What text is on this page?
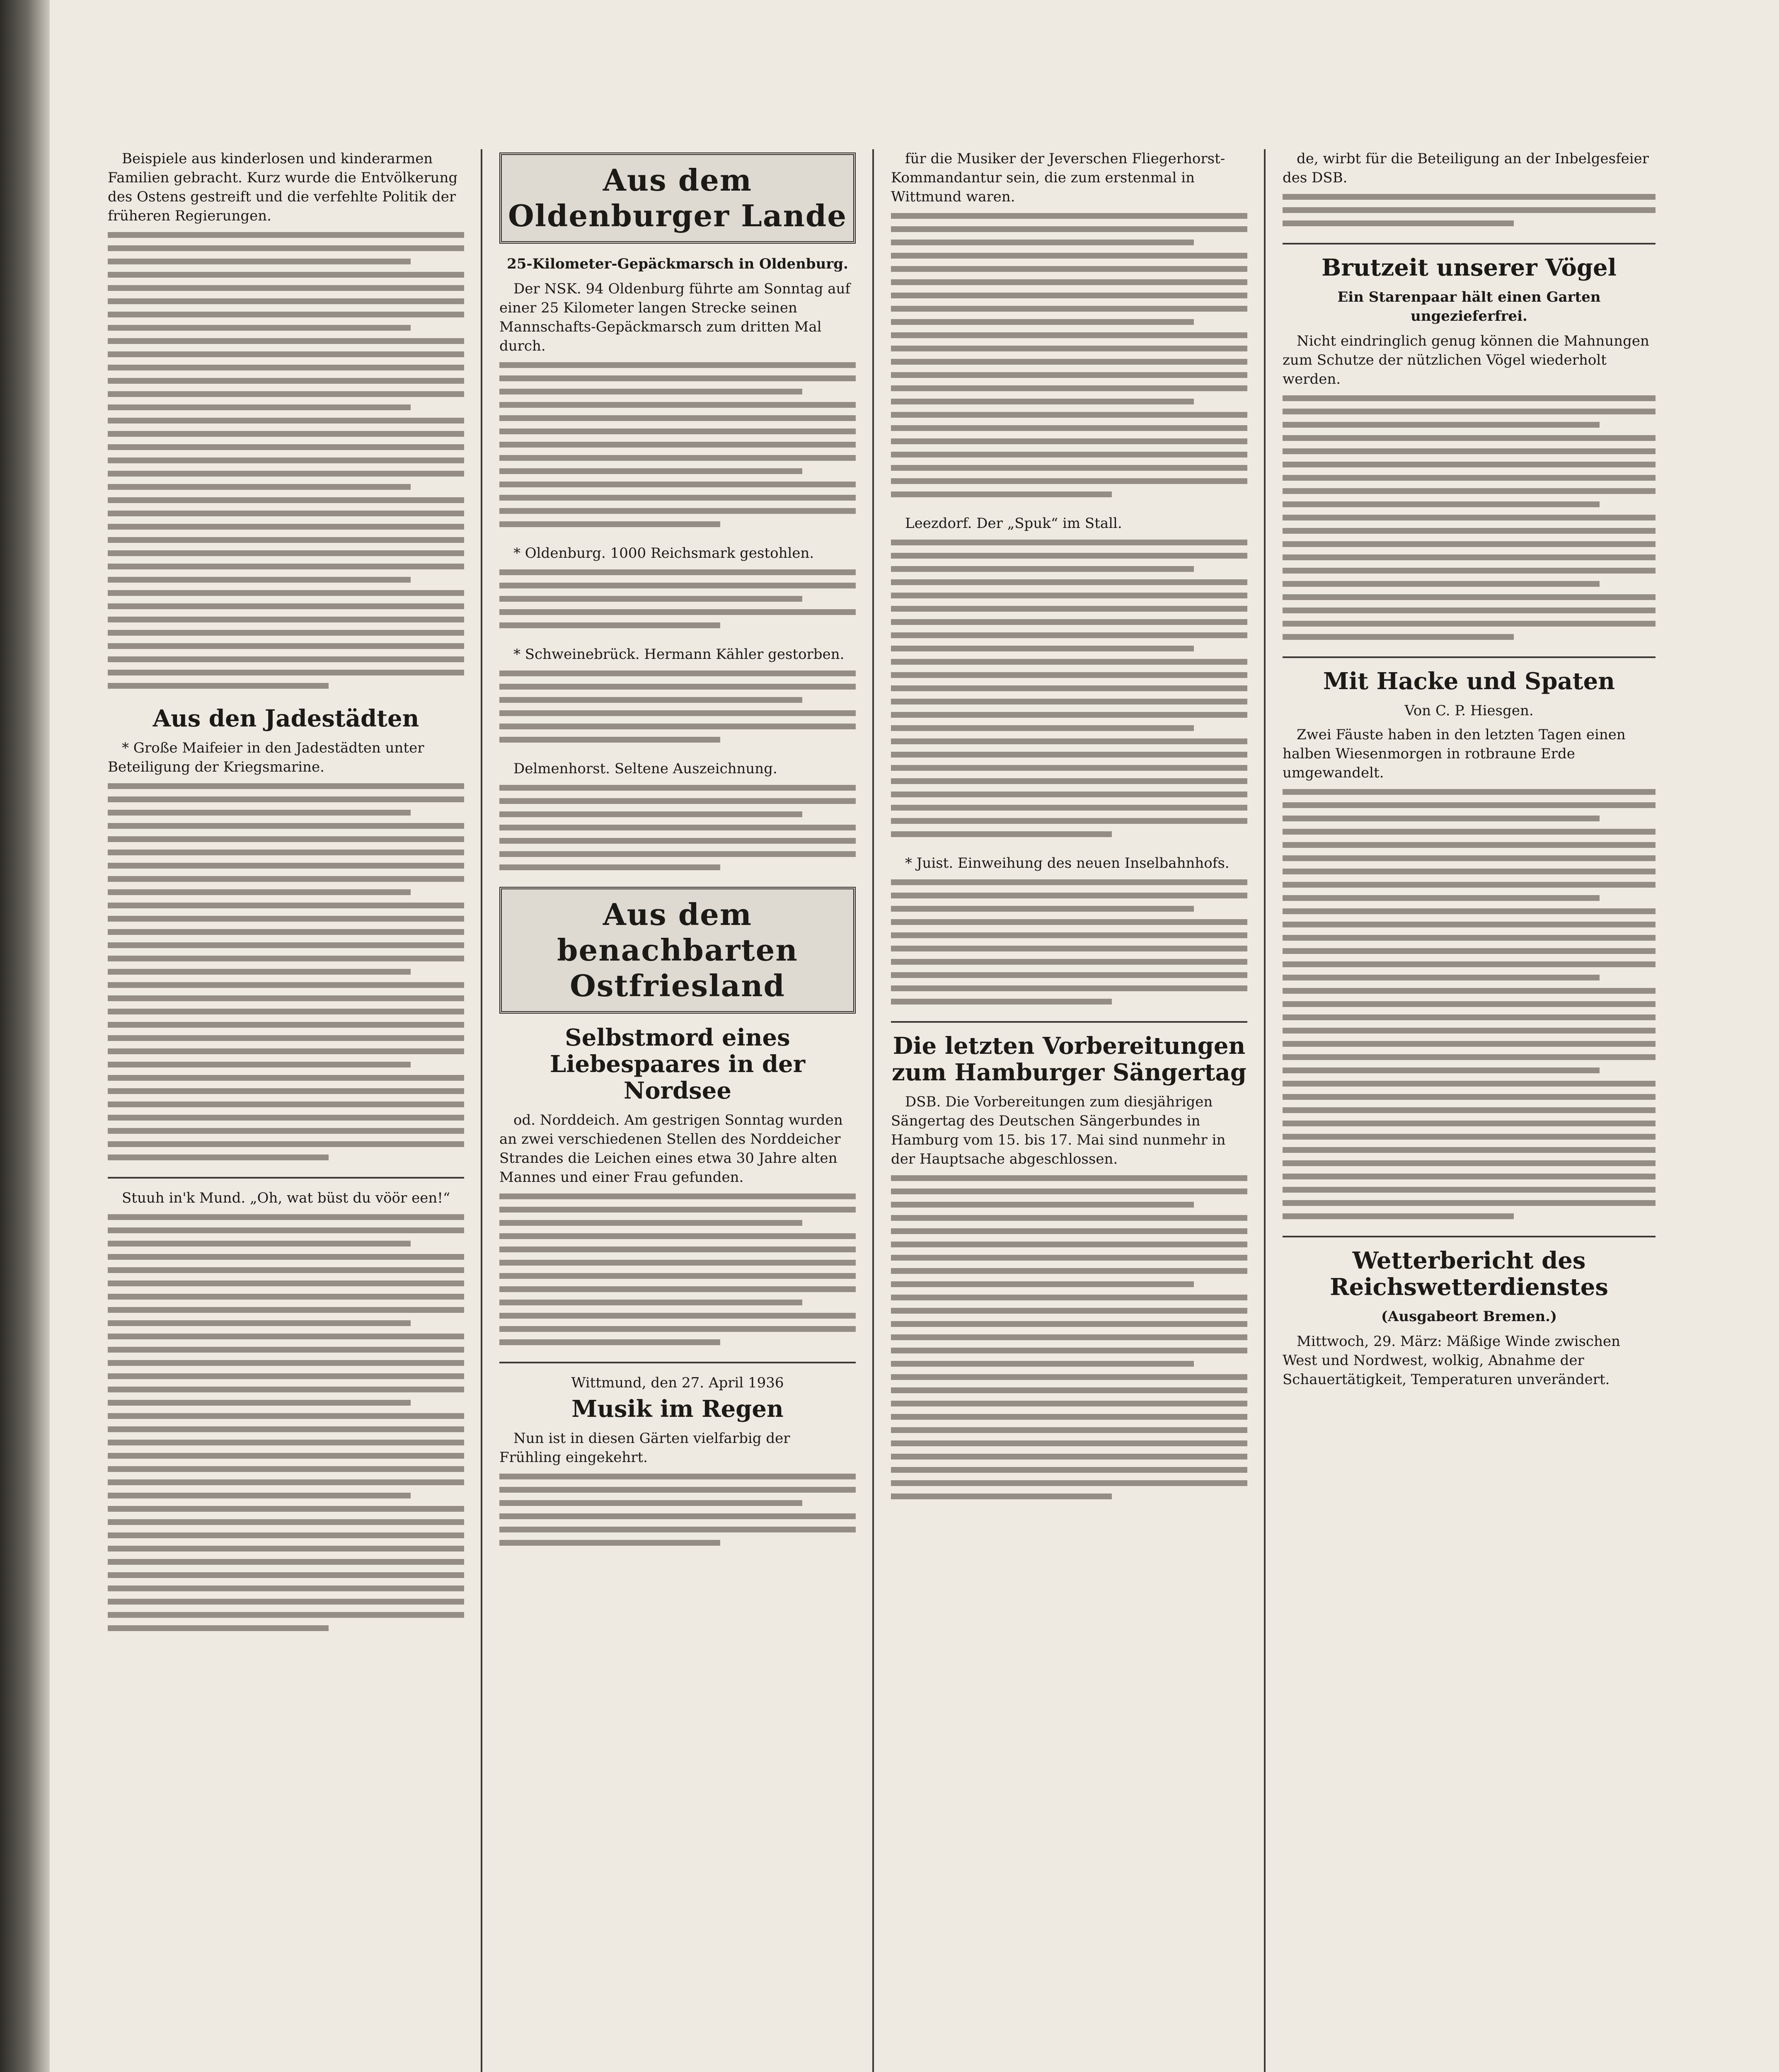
Beispiele aus kinderlosen und kinderarmen Familien gebracht. Kurz wurde die Entvölkerung des Ostens gestreift und die verfehlte Politik der früheren Regierungen.

Aus den Jadestädten

* Große Maifeier in den Jadestädten unter Beteiligung der Kriegsmarine.

Stuuh in'k Mund. „Oh, wat büst du vöör een!“

Aus dem Oldenburger Lande
25-Kilometer-Gepäckmarsch in Oldenburg.

Der NSK. 94 Oldenburg führte am Sonntag auf einer 25 Kilometer langen Strecke seinen Mannschafts-Gepäckmarsch zum dritten Mal durch.

* Oldenburg. 1000 Reichsmark gestohlen.

* Schweinebrück. Hermann Kähler gestorben.

Delmenhorst. Seltene Auszeichnung.

Aus dem benachbarten Ostfriesland
Selbstmord eines Liebespaares in der Nordsee

od. Norddeich. Am gestrigen Sonntag wurden an zwei verschiedenen Stellen des Norddeicher Strandes die Leichen eines etwa 30 Jahre alten Mannes und einer Frau gefunden.

Wittmund, den 27. April 1936
Musik im Regen

Nun ist in diesen Gärten vielfarbig der Frühling eingekehrt.

für die Musiker der Jeverschen Fliegerhorst-Kommandantur sein, die zum erstenmal in Wittmund waren.

Leezdorf. Der „Spuk“ im Stall.

* Juist. Einweihung des neuen Inselbahnhofs.

Die letzten Vorbereitungen zum Hamburger Sängertag

DSB. Die Vorbereitungen zum diesjährigen Sängertag des Deutschen Sängerbundes in Hamburg vom 15. bis 17. Mai sind nunmehr in der Hauptsache abgeschlossen.

de, wirbt für die Beteiligung an der Inbelgesfeier des DSB.

Brutzeit unserer Vögel
Ein Starenpaar hält einen Garten ungezieferfrei.

Nicht eindringlich genug können die Mahnungen zum Schutze der nützlichen Vögel wiederholt werden.

Mit Hacke und Spaten
Von C. P. Hiesgen.

Zwei Fäuste haben in den letzten Tagen einen halben Wiesenmorgen in rotbraune Erde umgewandelt.

Wetterbericht des Reichswetterdienstes
(Ausgabeort Bremen.)

Mittwoch, 29. März: Mäßige Winde zwischen West und Nordwest, wolkig, Abnahme der Schauertätigkeit, Temperaturen unverändert.
